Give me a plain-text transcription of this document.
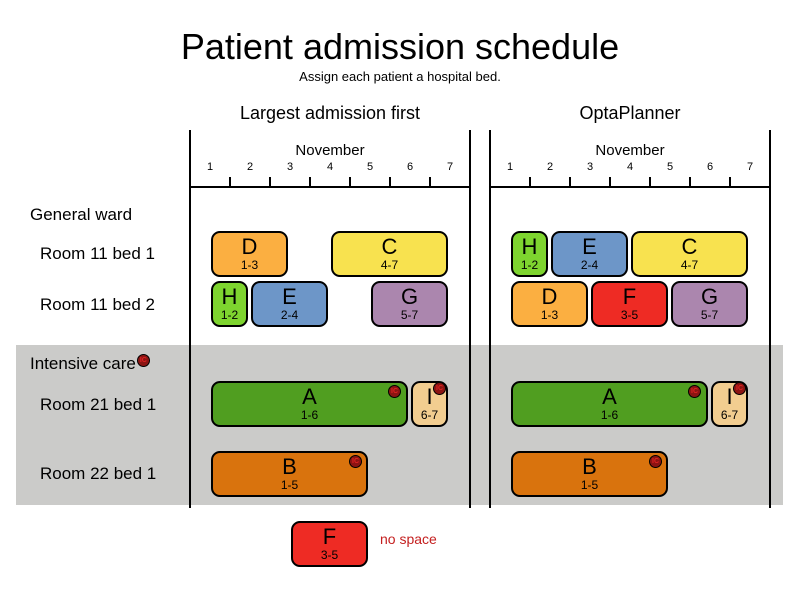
Patient admission schedule
Assign each patient a hospital bed.
Largest admission first	OptaPlanner
November
1	2	3	4	5	6	7
November
1	2	3	4	5	6	7
General ward
Room 11 bed 1
Room 11 bed 2
Intensive care IC
Room 21 bed 1
Room 22 bed 1
D
1-3
C
4-7
H
1-2
E
2-4
G
5-7
A
1-6
IC I
6-7
IC
B
1-5
IC
H
1-2
E
2-4
C
4-7
D
1-3
F
3-5
G
5-7
A
1-6
IC I
6-7
IC
B
1-5
IC
F
3-5
no space
